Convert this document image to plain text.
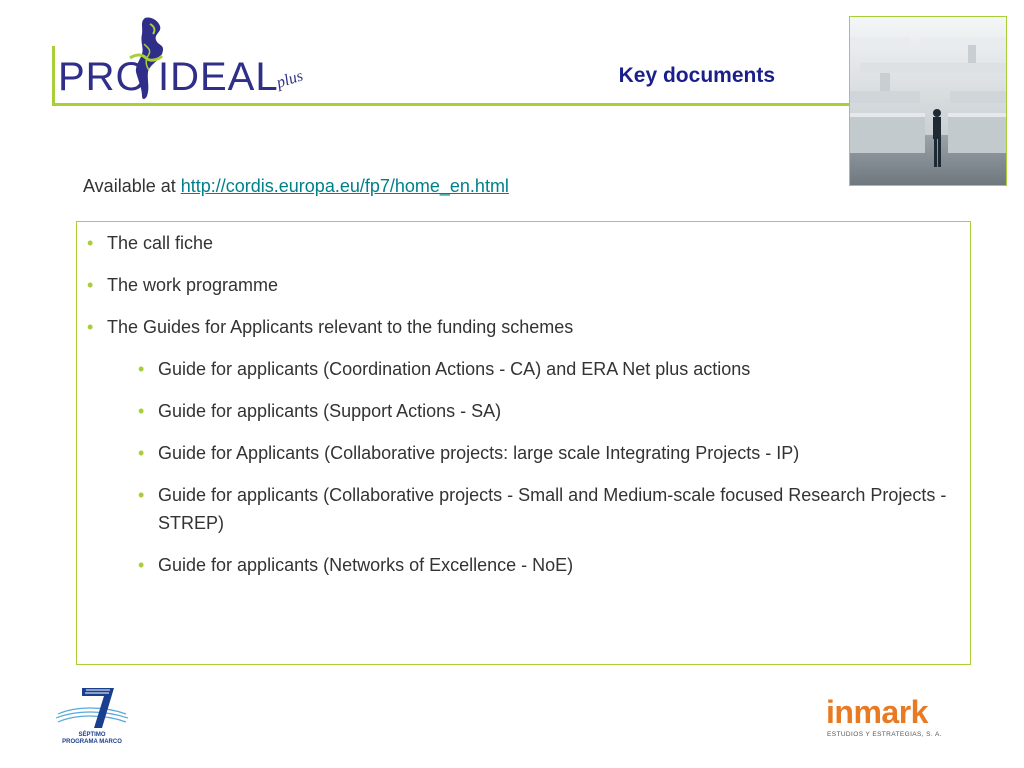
PRO IDEAL
plus	Key documents
Available at http://cordis.europa.eu/fp7/home_en.html
• The call fiche
• The work programme
• The Guides for Applicants relevant to the funding schemes
• Guide for applicants (Coordination Actions - CA) and ERA Net plus actions
• Guide for applicants (Support Actions - SA)
• Guide for Applicants (Collaborative projects: large scale Integrating Projects - IP)
• Guide for applicants (Collaborative projects - Small and Medium-scale focused Research Projects - STREP)
• Guide for applicants (Networks of Excellence - NoE)
SÉPTIMO
PROGRAMA MARCO
inmark
ESTUDIOS Y ESTRATEGIAS, S. A.
